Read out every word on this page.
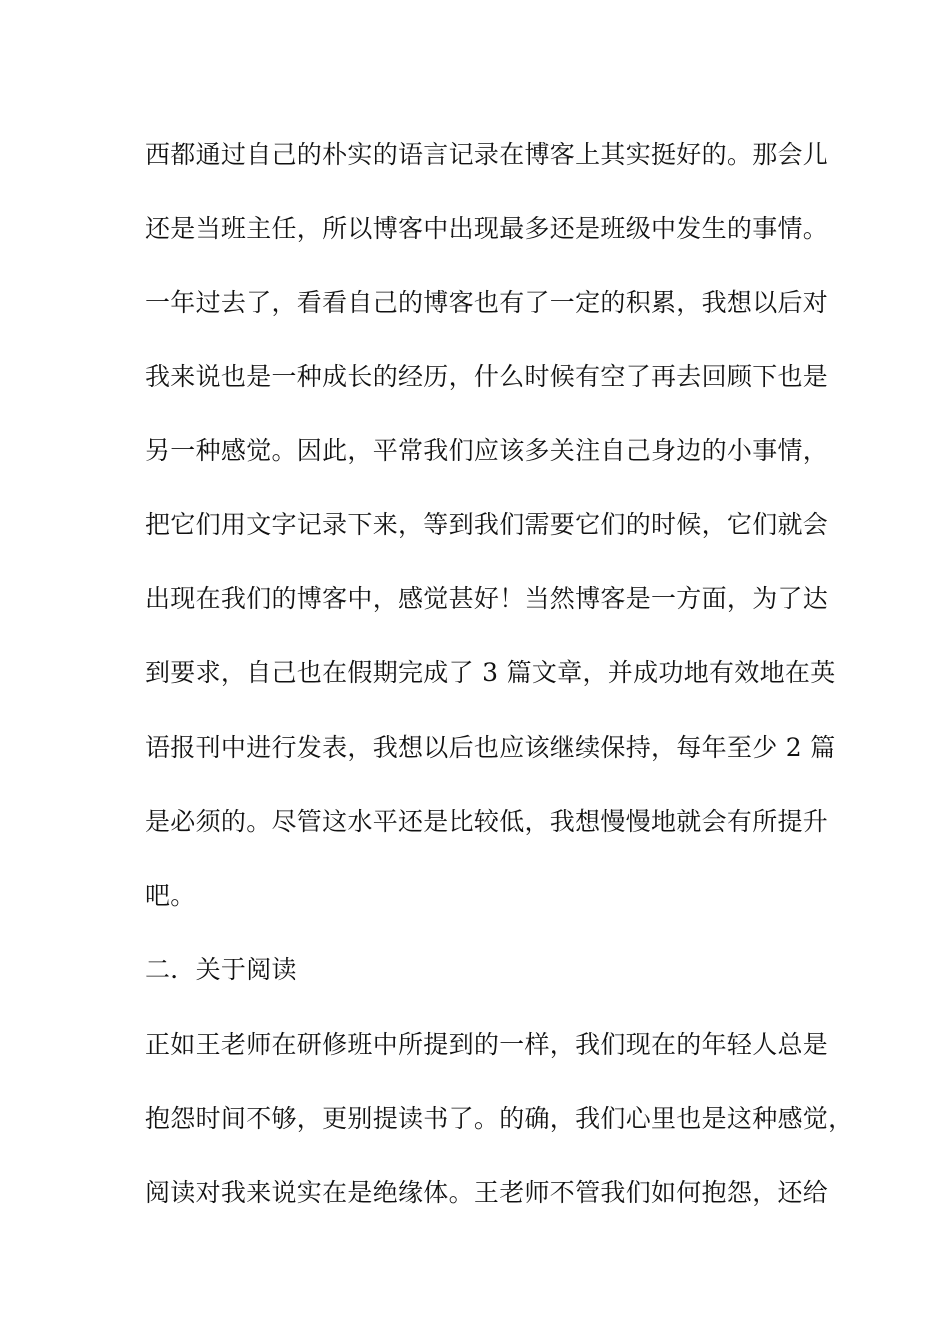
西都通过自己的朴实的语言记录在博客上其实挺好的。那会儿
还是当班主任，所以博客中出现最多还是班级中发生的事情。
一年过去了，看看自己的博客也有了一定的积累，我想以后对
我来说也是一种成长的经历，什么时候有空了再去回顾下也是
另一种感觉。因此，平常我们应该多关注自己身边的小事情，
把它们用文字记录下来，等到我们需要它们的时候，它们就会
出现在我们的博客中，感觉甚好！当然博客是一方面，为了达
到要求，自己也在假期完成了 3 篇文章，并成功地有效地在英
语报刊中进行发表，我想以后也应该继续保持，每年至少 2 篇
是必须的。尽管这水平还是比较低，我想慢慢地就会有所提升
吧。
二．关于阅读
正如王老师在研修班中所提到的一样，我们现在的年轻人总是
抱怨时间不够，更别提读书了。的确，我们心里也是这种感觉，
阅读对我来说实在是绝缘体。王老师不管我们如何抱怨，还给
